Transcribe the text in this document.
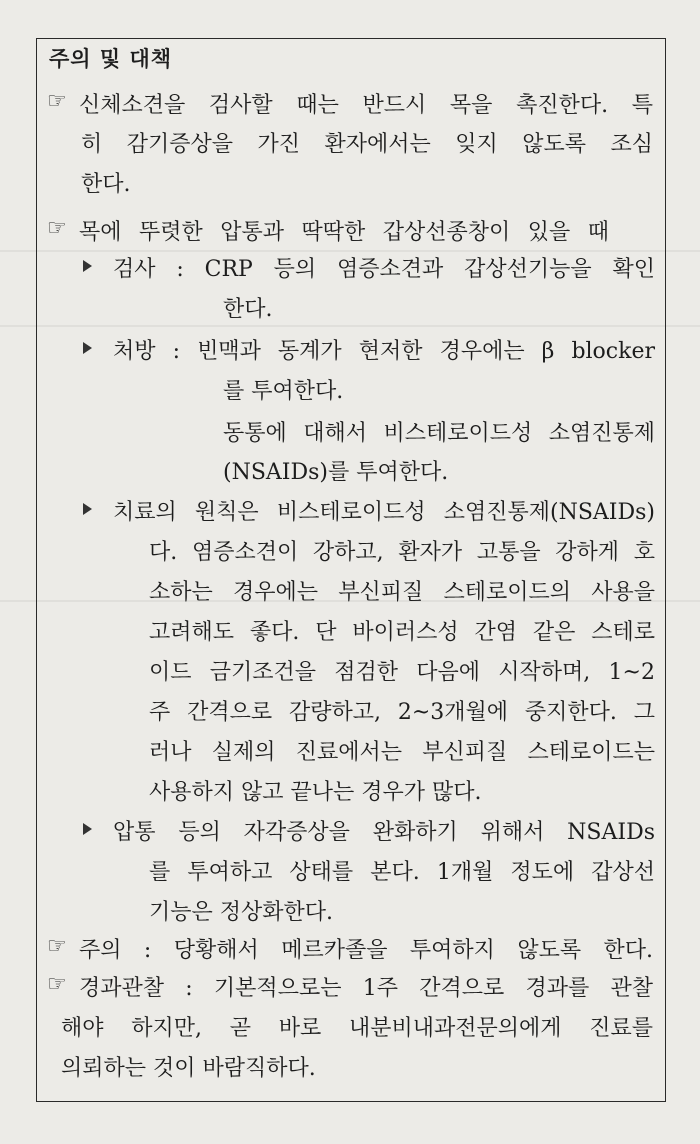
주의 및 대책
☞ 신체소견을 검사할 때는 반드시 목을 촉진한다. 특
히 감기증상을 가진 환자에서는 잊지 않도록 조심
한다.
☞ 목에 뚜렷한 압통과 딱딱한 갑상선종창이 있을 때
검사 : CRP 등의 염증소견과 갑상선기능을 확인
한다.
처방 : 빈맥과 동계가 현저한 경우에는 β blocker
를 투여한다.
동통에 대해서 비스테로이드성 소염진통제
(NSAIDs)를 투여한다.
치료의 원칙은 비스테로이드성 소염진통제(NSAIDs)
다. 염증소견이 강하고, 환자가 고통을 강하게 호
소하는 경우에는 부신피질 스테로이드의 사용을
고려해도 좋다. 단 바이러스성 간염 같은 스테로
이드 금기조건을 점검한 다음에 시작하며, 1~2
주 간격으로 감량하고, 2~3개월에 중지한다. 그
러나 실제의 진료에서는 부신피질 스테로이드는
사용하지 않고 끝나는 경우가 많다.
압통 등의 자각증상을 완화하기 위해서 NSAIDs
를 투여하고 상태를 본다. 1개월 정도에 갑상선
기능은 정상화한다.
☞ 주의 : 당황해서 메르카졸을 투여하지 않도록 한다.
☞ 경과관찰 : 기본적으로는 1주 간격으로 경과를 관찰
해야 하지만, 곧 바로 내분비내과전문의에게 진료를
의뢰하는 것이 바람직하다.
